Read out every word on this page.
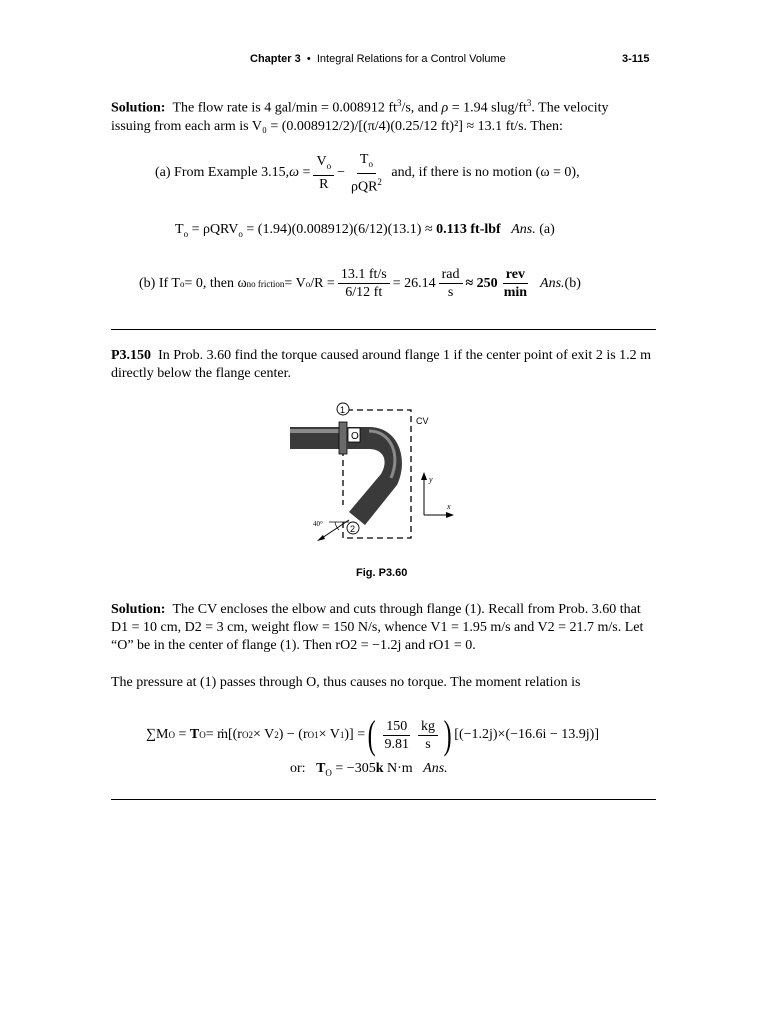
Chapter 3 • Integral Relations for a Control Volume	3-115
Solution: The flow rate is 4 gal/min = 0.008912 $ft^3/s$, and ρ = 1.94 slug/$ft^3$. The velocity
issuing from each arm is V₀ = (0.008912/2)/[(π/4)(0.25/12 ft)²] ≈ 13.1 ft/s. Then:
(a) From Example 3.15, $\omega = \frac{V_o}{R} - \frac{T_o}{\rho QR^2}$
and, if there is no motion (ω = 0),
$T_o = \rho QRV_o = (1.94)(0.008912)(6/12)(13.1) \approx 0.113$ ft-lbf Ans. (a)
(b) If T o = 0, then ω no friction = V o $/R = \frac{13.1 ft/s}{6/12 ft} = 26.14 \frac{\text{rad}}{s} \approx 250 \frac{\text{rev}}{\min}$
Ans. (b)
P3.150 In Prob. 3.60 find the torque caused around flange 1 if the center point of exit 2 is 1.2 m directly below the flange center.
O
1
CV
2
40°
y
x
Fig. P3.60
Solution: The CV encloses the elbow and cuts through flange (1). Recall from Prob. 3.60 that D1 = 10 cm, D2 = 3 cm, weight flow = 150 N/s, whence V1 = 1.95 m/s and V2 = 21.7 m/s. Let “O” be in the center of flange (1). Then rO2 = −1.2j and rO1 = 0.
The pressure at (1) passes through O, thus causes no torque. The moment relation is
∑M O = T O = ṁ[(r O2 × V 2 ) − (r O1 × V 1 )] = ( $\frac{150}{9.81} \frac{kg}{s}$ ) [(−1.2j)×(−16.6i − 13.9j)]
or: $T_O = -305k$ N·m Ans.
